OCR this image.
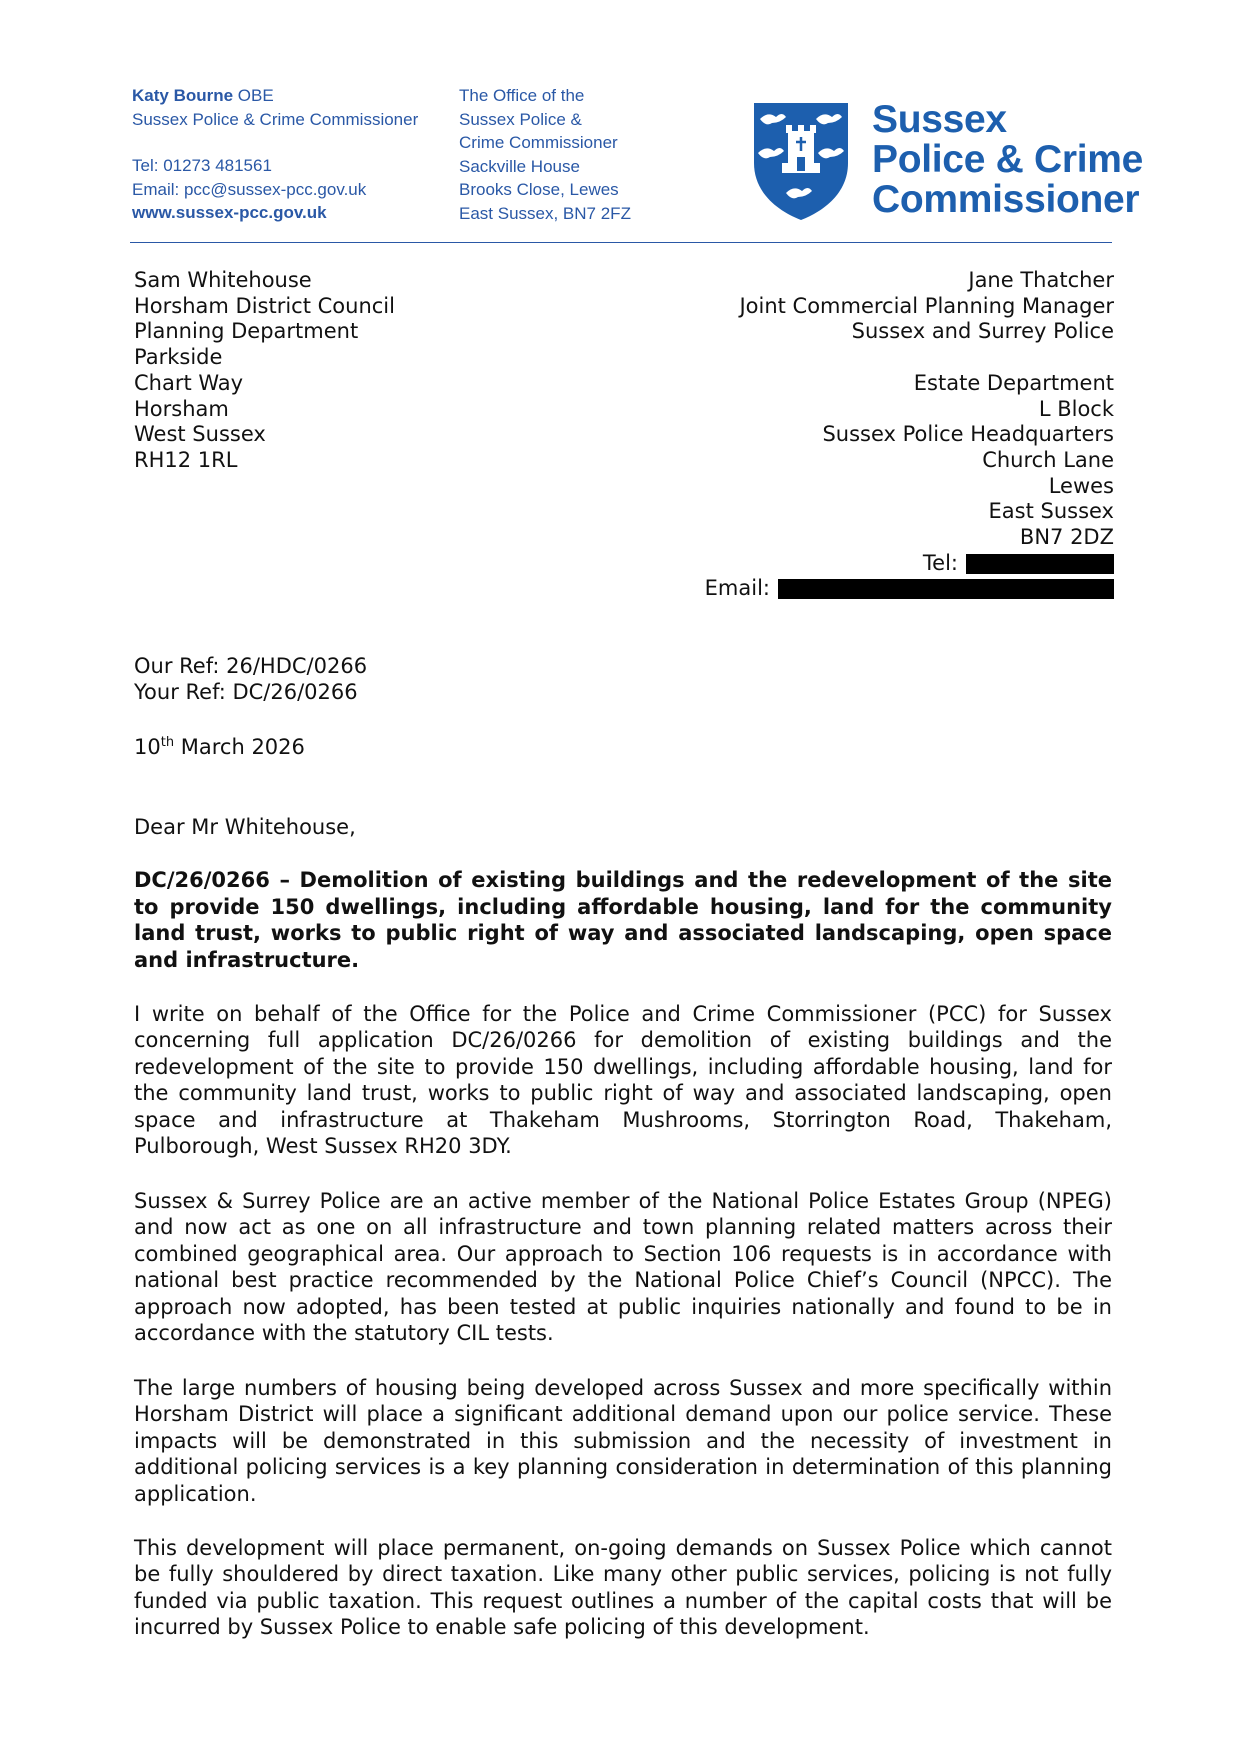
Katy Bourne OBE
Sussex Police & Crime Commissioner
Tel: 01273 481561
Email: pcc@sussex-pcc.gov.uk
www.sussex-pcc.gov.uk
The Office of the
Sussex Police &
Crime Commissioner
Sackville House
Brooks Close, Lewes
East Sussex, BN7 2FZ
Sussex
Police & Crime
Commissioner
Sam Whitehouse
Horsham District Council
Planning Department
Parkside
Chart Way
Horsham
West Sussex
RH12 1RL
Jane Thatcher
Joint Commercial Planning Manager
Sussex and Surrey Police
Estate Department
L Block
Sussex Police Headquarters
Church Lane
Lewes
East Sussex
BN7 2DZ
Tel:
Email:
Our Ref: 26/HDC/0266
Your Ref: DC/26/0266
10th March 2026
Dear Mr Whitehouse,
DC/26/0266 – Demolition of existing buildings and the redevelopment of the site to provide 150 dwellings, including affordable housing, land for the community land trust, works to public right of way and associated landscaping, open space and infrastructure.
I write on behalf of the Office for the Police and Crime Commissioner (PCC) for Sussex concerning full application DC/26/0266 for demolition of existing buildings and the redevelopment of the site to provide 150 dwellings, including affordable housing, land for the community land trust, works to public right of way and associated landscaping, open space and infrastructure at Thakeham Mushrooms, Storrington Road, Thakeham, Pulborough, West Sussex RH20 3DY.
Sussex & Surrey Police are an active member of the National Police Estates Group (NPEG) and now act as one on all infrastructure and town planning related matters across their combined geographical area. Our approach to Section 106 requests is in accordance with national best practice recommended by the National Police Chief’s Council (NPCC). The approach now adopted, has been tested at public inquiries nationally and found to be in accordance with the statutory CIL tests.
The large numbers of housing being developed across Sussex and more specifically within Horsham District will place a significant additional demand upon our police service. These impacts will be demonstrated in this submission and the necessity of investment in additional policing services is a key planning consideration in determination of this planning application.
This development will place permanent, on-going demands on Sussex Police which cannot be fully shouldered by direct taxation. Like many other public services, policing is not fully funded via public taxation. This request outlines a number of the capital costs that will be incurred by Sussex Police to enable safe policing of this development.
